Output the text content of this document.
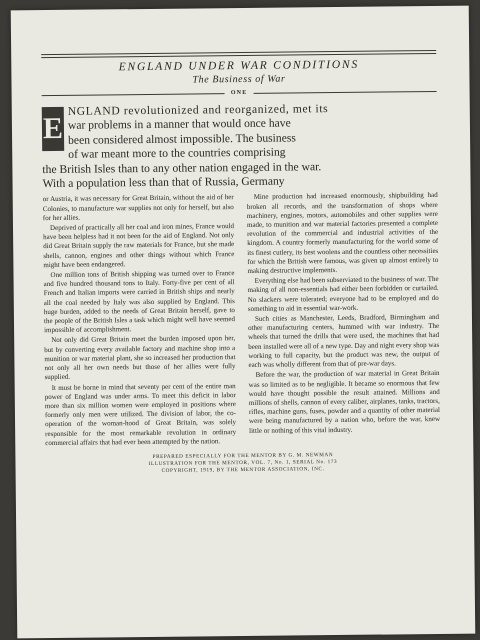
ENGLAND UNDER WAR CONDITIONS
The Business of War
ONE
E
NGLAND revolutionized and reorganized, met its
war problems in a manner that would once have
been considered almost impossible. The business
of war meant more to the countries comprising
the British Isles than to any other nation engaged in the war.
With a population less than that of Russia, Germany

or Austria, it was necessary for Great Britain, without the aid of her Colonies, to manufacture war supplies not only for herself, but also for her allies.

Deprived of practically all her coal and iron mines, France would have been helpless had it not been for the aid of England. Not only did Great Britain supply the raw materials for France, but she made shells, cannon, engines and other things without which France might have been endangered.

One million tons of British shipping was turned over to France and five hundred thousand tons to Italy. Forty-five per cent of all French and Italian imports were carried in British ships and nearly all the coal needed by Italy was also supplied by England. This huge burden, added to the needs of Great Britain herself, gave to the people of the British Isles a task which might well have seemed impossible of accomplishment.

Not only did Great Britain meet the burden imposed upon her, but by converting every available factory and machine shop into a munition or war material plant, she so increased her production that not only all her own needs but those of her allies were fully supplied.

It must be borne in mind that seventy per cent of the entire man power of England was under arms. To meet this deficit in labor more than six million women were employed in positions where formerly only men were utilized. The division of labor, the co-operation of the woman-hood of Great Britain, was solely responsible for the most remarkable revolution in ordinary commercial affairs that had ever been attempted by the nation.

Mine production had increased enormously, shipbuilding had broken all records, and the transformation of shops where machinery, engines, motors, automobiles and other supplies were made, to munition and war material factories presented a complete revolution of the commercial and industrial activities of the kingdom. A country formerly manufacturing for the world some of its finest cutlery, its best woolens and the countless other necessities for which the British were famous, was given up almost entirely to making destructive implements.

Everything else had been subserviated to the business of war. The making of all non-essentials had either been forbidden or curtailed. No slackers were tolerated; everyone had to be employed and do something to aid in essential war-work.

Such cities as Manchester, Leeds, Bradford, Birmingham and other manufacturing centers, hummed with war industry. The wheels that turned the drills that were used, the machines that had been installed were all of a new type. Day and night every shop was working to full capacity, but the product was new, the output of each was wholly different from that of pre-war days.

Before the war, the production of war material in Great Britain was so limited as to be negligible. It became so enormous that few would have thought possible the result attained. Millions and millions of shells, cannon of every caliber, airplanes, tanks, tractors, rifles, machine guns, fuses, powder and a quantity of other material were being manufactured by a nation who, before the war, knew little or nothing of this vital industry.

PREPARED ESPECIALLY FOR THE MENTOR BY G. M. NEWMAN
ILLUSTRATION FOR THE MENTOR, VOL. 7, No. 1, SERIAL No. 173
COPYRIGHT, 1919, BY THE MENTOR ASSOCIATION, INC.
